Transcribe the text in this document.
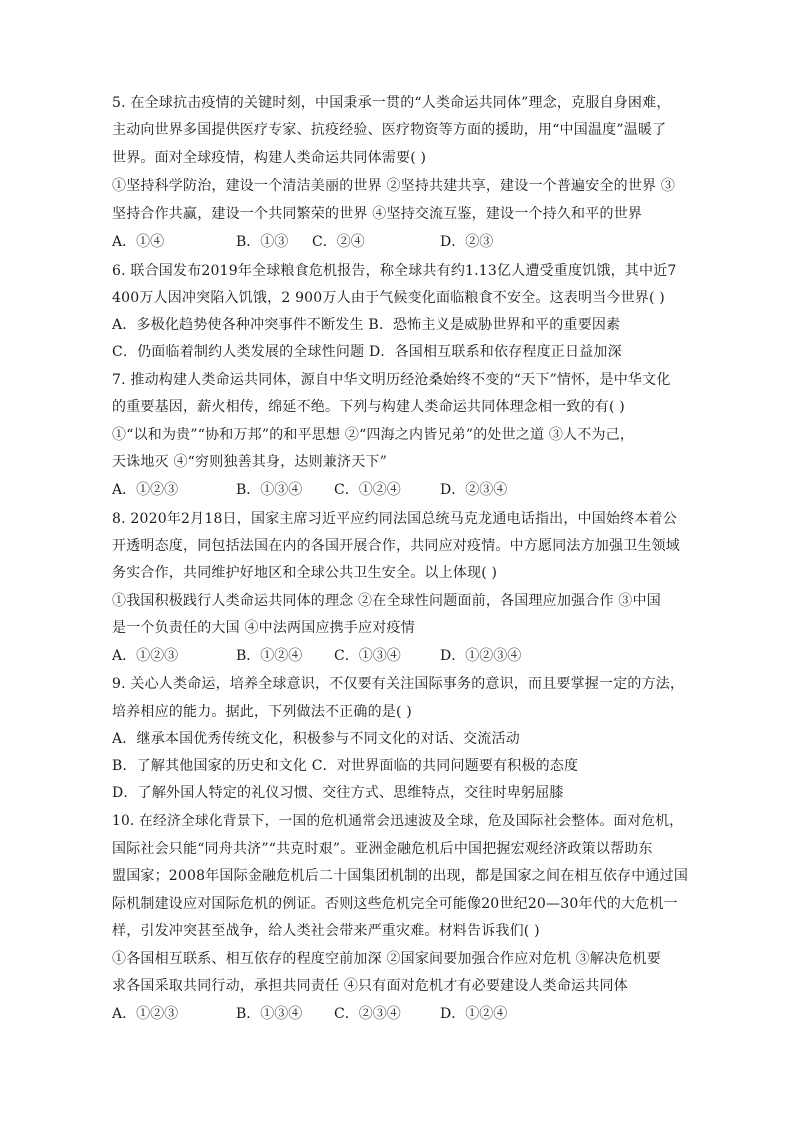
5. 在全球抗击疫情的关键时刻，中国秉承一贯的“人类命运共同体”理念，克服自身困难，
主动向世界多国提供医疗专家、抗疫经验、医疗物资等方面的援助，用“中国温度”温暖了
世界。面对全球疫情，构建人类命运共同体需要( )
①坚持科学防治，建设一个清洁美丽的世界 ②坚持共建共享，建设一个普遍安全的世界 ③
坚持合作共赢，建设一个共同繁荣的世界 ④坚持交流互鉴，建设一个持久和平的世界
A．①④	B．①③ C．②④	D．②③
6. 联合国发布2019年全球粮食危机报告，称全球共有约1.13亿人遭受重度饥饿，其中近7
400万人因冲突陷入饥饿，2 900万人由于气候变化面临粮食不安全。这表明当今世界( )
A．多极化趋势使各种冲突事件不断发生 B．恐怖主义是威胁世界和平的重要因素
C．仍面临着制约人类发展的全球性问题 D．各国相互联系和依存程度正日益加深
7. 推动构建人类命运共同体，源自中华文明历经沧桑始终不变的“天下”情怀，是中华文化
的重要基因，薪火相传，绵延不绝。下列与构建人类命运共同体理念相一致的有( )
①“以和为贵”“协和万邦”的和平思想 ②“四海之内皆兄弟”的处世之道 ③人不为己，
天诛地灭 ④“穷则独善其身，达则兼济天下”
A．①②③	B．①③④ C．①②④	D．②③④
8. 2020年2月18日，国家主席习近平应约同法国总统马克龙通电话指出，中国始终本着公
开透明态度，同包括法国在内的各国开展合作，共同应对疫情。中方愿同法方加强卫生领域
务实合作，共同维护好地区和全球公共卫生安全。以上体现( )
①我国积极践行人类命运共同体的理念 ②在全球性问题面前，各国理应加强合作 ③中国
是一个负责任的大国 ④中法两国应携手应对疫情
A．①②③	B．①②④ C．①③④	D．①②③④
9. 关心人类命运，培养全球意识，不仅要有关注国际事务的意识，而且要掌握一定的方法，
培养相应的能力。据此，下列做法不正确的是( )
A．继承本国优秀传统文化，积极参与不同文化的对话、交流活动
B．了解其他国家的历史和文化 C．对世界面临的共同问题要有积极的态度
D．了解外国人特定的礼仪习惯、交往方式、思维特点，交往时卑躬屈膝
10. 在经济全球化背景下，一国的危机通常会迅速波及全球，危及国际社会整体。面对危机，
国际社会只能“同舟共济”“共克时艰”。亚洲金融危机后中国把握宏观经济政策以帮助东
盟国家；2008年国际金融危机后二十国集团机制的出现，都是国家之间在相互依存中通过国
际机制建设应对国际危机的例证。否则这些危机完全可能像20世纪20—30年代的大危机一
样，引发冲突甚至战争，给人类社会带来严重灾难。材料告诉我们( )
①各国相互联系、相互依存的程度空前加深 ②国家间要加强合作应对危机 ③解决危机要
求各国采取共同行动，承担共同责任 ④只有面对危机才有必要建设人类命运共同体
A．①②③	B．①③④ C．②③④	D．①②④
